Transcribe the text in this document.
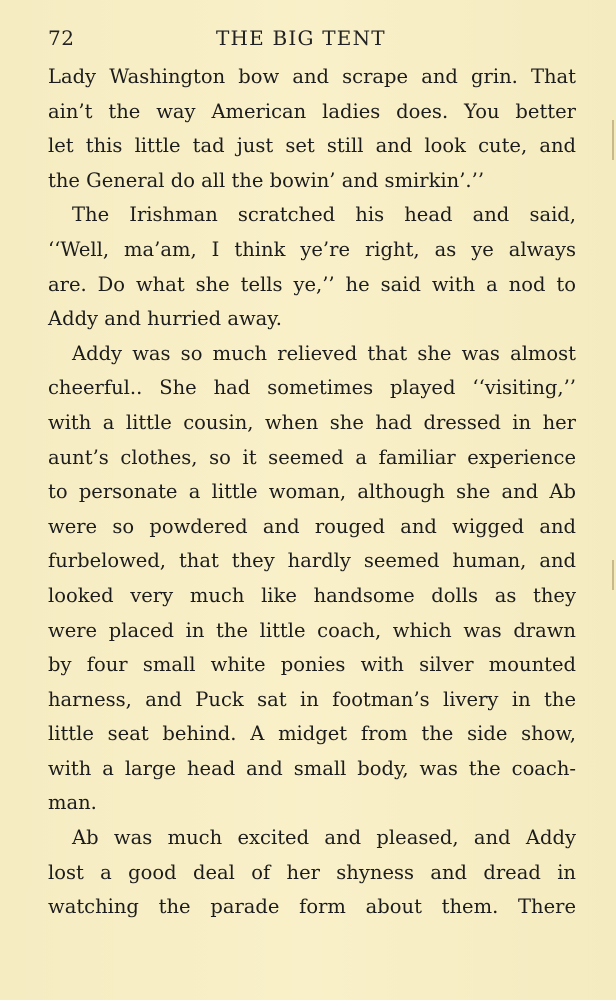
72	THE BIG TENT
Lady Washington bow and scrape and grin. That
ain’t the way American ladies does. You better
let this little tad just set still and look cute, and
the General do all the bowin’ and smirkin’.’’
The Irishman scratched his head and said,
‘‘Well, ma’am, I think ye’re right, as ye always
are. Do what she tells ye,’’ he said with a nod to
Addy and hurried away.
Addy was so much relieved that she was almost
cheerful.. She had sometimes played ‘‘visiting,’’
with a little cousin, when she had dressed in her
aunt’s clothes, so it seemed a familiar experience
to personate a little woman, although she and Ab
were so powdered and rouged and wigged and
furbelowed, that they hardly seemed human, and
looked very much like handsome dolls as they
were placed in the little coach, which was drawn
by four small white ponies with silver mounted
harness, and Puck sat in footman’s livery in the
little seat behind. A midget from the side show,
with a large head and small body, was the coach-
man.
Ab was much excited and pleased, and Addy
lost a good deal of her shyness and dread in
watching the parade form about them. There
